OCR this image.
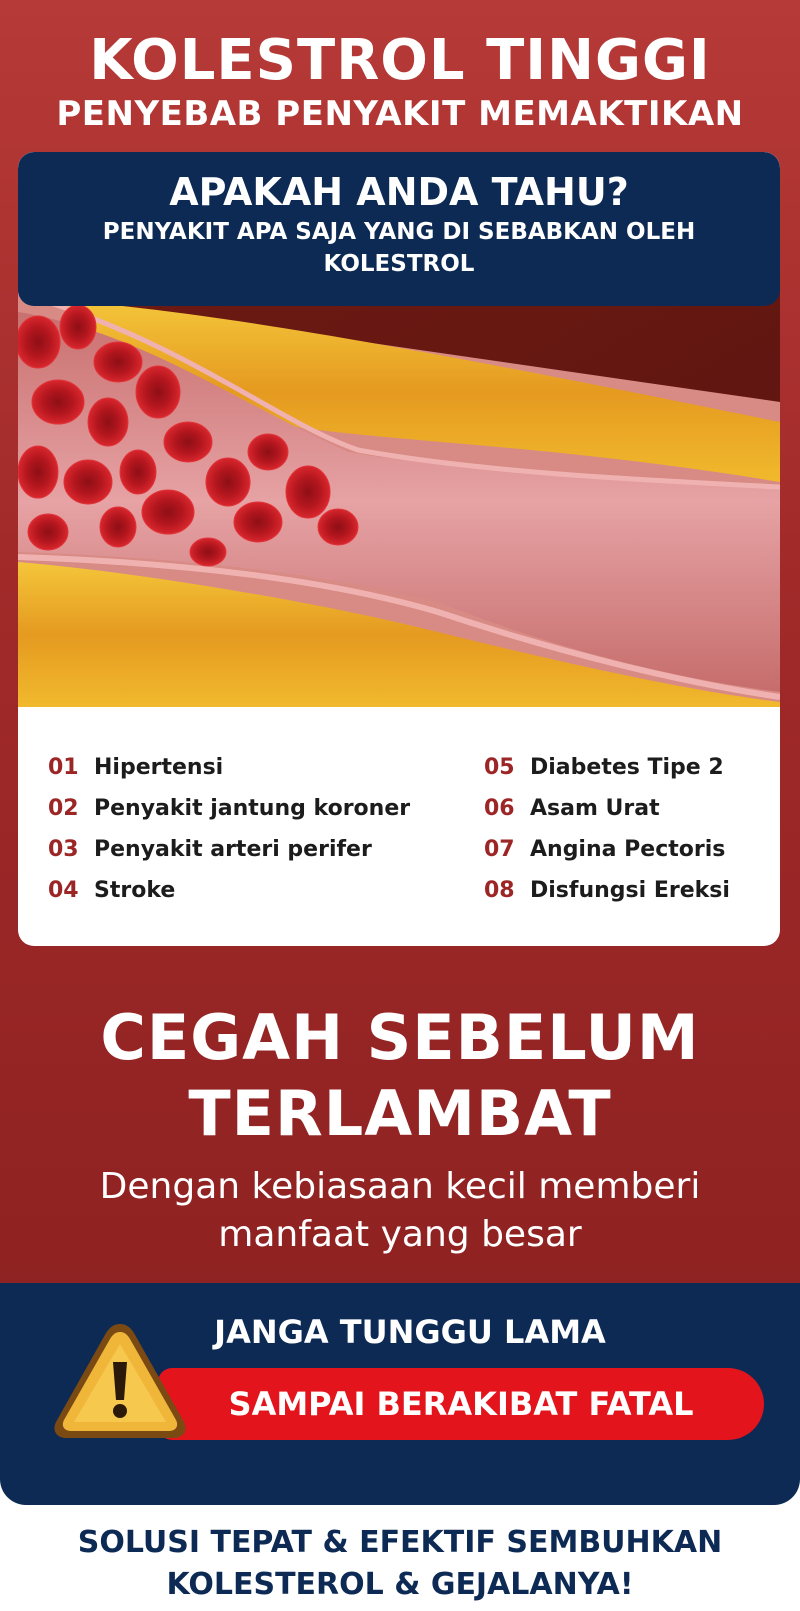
KOLESTROL TINGGI
PENYEBAB PENYAKIT MEMAKTIKAN
APAKAH ANDA TAHU?
PENYAKIT APA SAJA YANG DI SEBABKAN OLEH KOLESTROL
01 Hipertensi
02 Penyakit jantung koroner
03 Penyakit arteri perifer
04 Stroke
05 Diabetes Tipe 2
06 Asam Urat
07 Angina Pectoris
08 Disfungsi Ereksi
CEGAH SEBELUM
TERLAMBAT
Dengan kebiasaan kecil memberi
manfaat yang besar
JANGA TUNGGU LAMA
SAMPAI BERAKIBAT FATAL
SOLUSI TEPAT & EFEKTIF SEMBUHKAN
KOLESTEROL & GEJALANYA!
